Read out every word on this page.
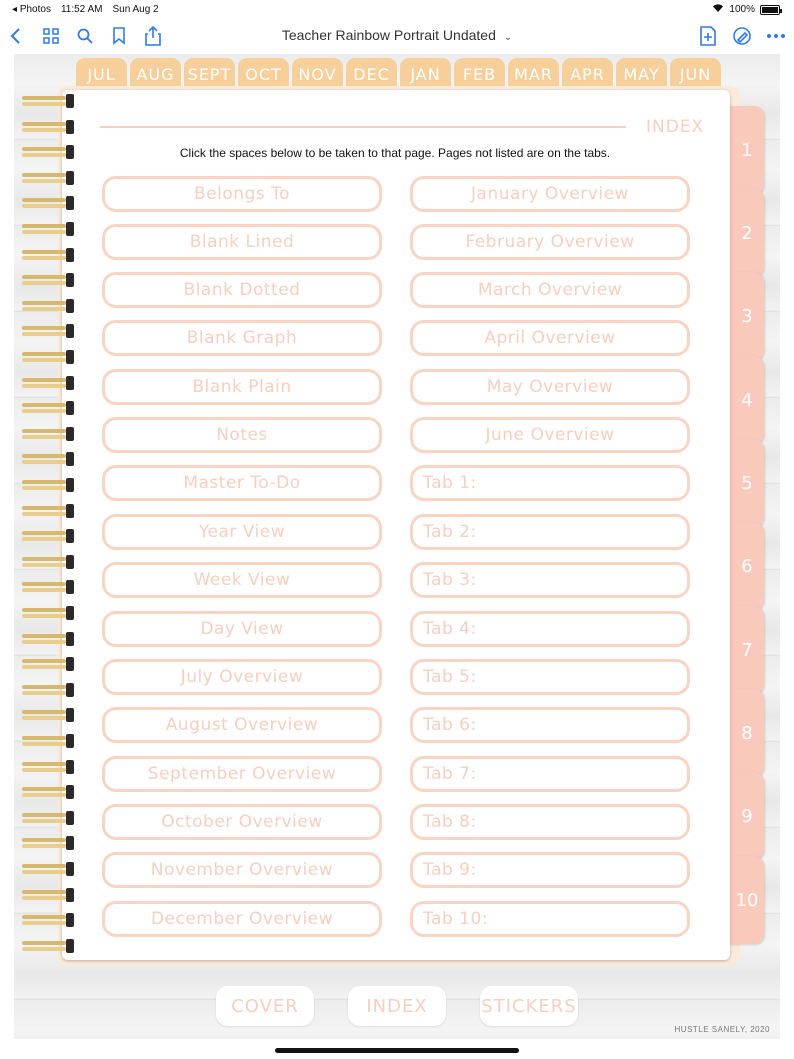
◂ Photos 11:52 AM Sun Aug 2	100%
Teacher Rainbow Portrait Undated ⌄
JUL	AUG SEPT OCT	NOV	DEC	JAN	FEB	MAR	APR	MAY	JUN
1
2
3
4
5
6
7
8
9
10
INDEX
Click the spaces below to be taken to that page. Pages not listed are on the tabs.
Belongs To
Blank Lined
Blank Dotted
Blank Graph
Blank Plain
Notes
Master To-Do
Year View
Week View
Day View
July Overview
August Overview
September Overview
October Overview
November Overview
December Overview
January Overview
February Overview
March Overview
April Overview
May Overview
June Overview
Tab 1:
Tab 2:
Tab 3:
Tab 4:
Tab 5:
Tab 6:
Tab 7:
Tab 8:
Tab 9:
Tab 10:
COVER	INDEX	STICKERS
HUSTLE SANELY, 2020
